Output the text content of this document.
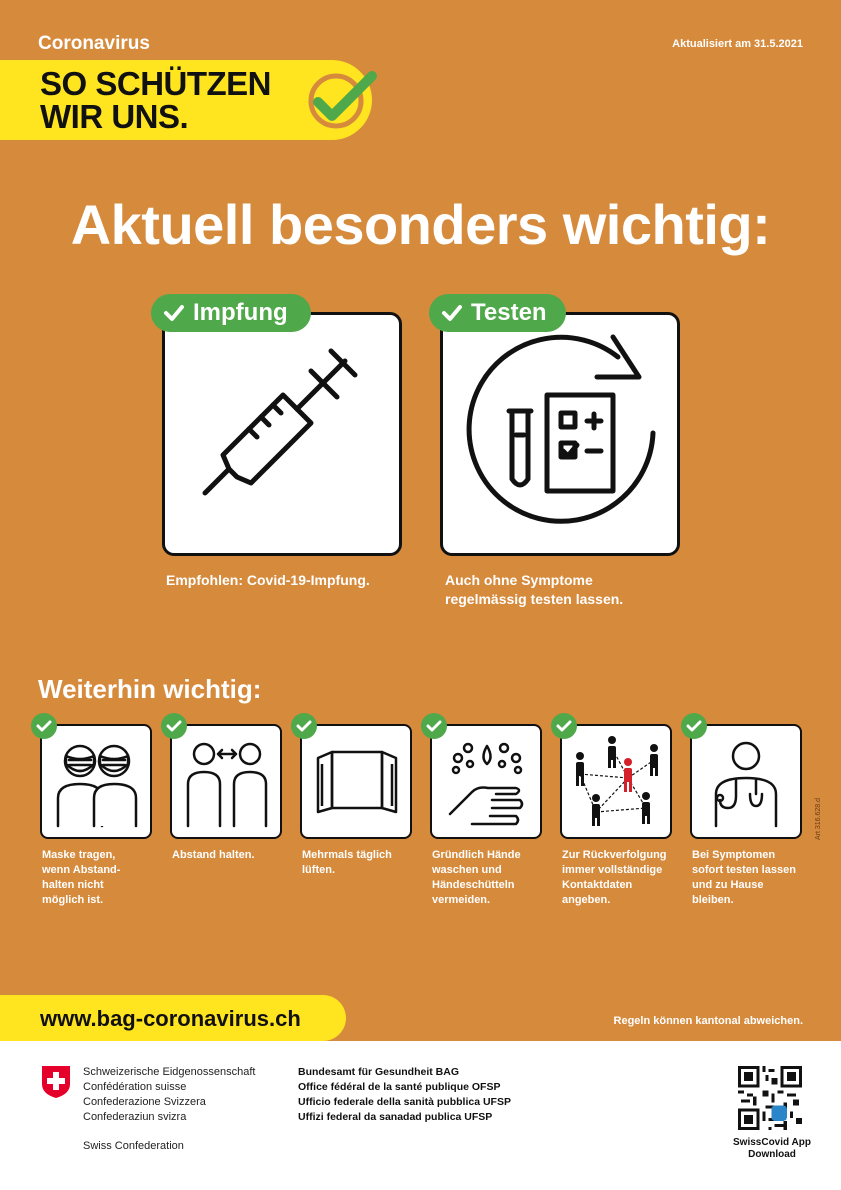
Coronavirus	Aktualisiert am 31.5.2021
SO SCHÜTZEN
WIR UNS.
Aktuell besonders wichtig:
Impfung
Empfohlen: Covid-19-Impfung.
Testen
Auch ohne Symptome
regelmässig testen lassen.
Weiterhin wichtig:
Maske tragen,
wenn Abstand-
halten nicht
möglich ist.
Abstand halten.	Mehrmals täglich
lüften.
Gründlich Hände
waschen und
Händeschütteln
vermeiden.
Zur Rückverfolgung
immer vollständige
Kontaktdaten
angeben.
Bei Symptomen
sofort testen lassen
und zu Hause
bleiben.
Art 316.628.d
www.bag-coronavirus.ch	Regeln können kantonal abweichen.
Schweizerische Eidgenossenschaft
Confédération suisse
Confederazione Svizzera
Confederaziun svizra
Swiss Confederation
Bundesamt für Gesundheit BAG
Office fédéral de la santé publique OFSP
Ufficio federale della sanità pubblica UFSP
Uffizi federal da sanadad publica UFSP
SwissCovid App
Download
